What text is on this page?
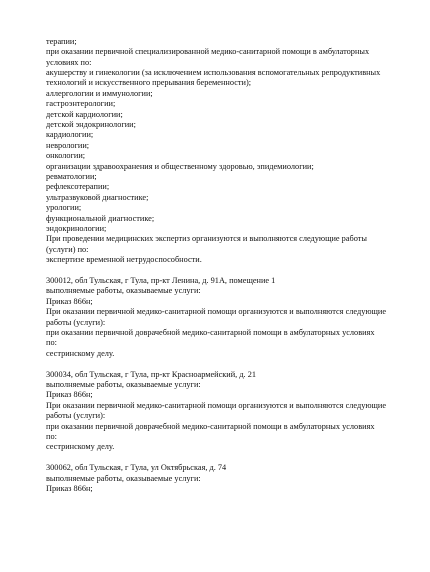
терапии;
при оказании первичной специализированной медико-санитарной помощи в амбулаторных
условиях по:
акушерству и гинекологии (за исключением использования вспомогательных репродуктивных
технологий и искусственного прерывания беременности);
аллергологии и иммунологии;
гастроэнтерологии;
детской кардиологии;
детской эндокринологии;
кардиологии;
неврологии;
онкологии;
организации здравоохранения и общественному здоровью, эпидемиологии;
ревматологии;
рефлексотерапии;
ультразвуковой диагностике;
урологии;
функциональной диагностике;
эндокринологии;
При проведении медицинских экспертиз организуются и выполняются следующие работы
(услуги) по:
экспертизе временной нетрудоспособности.
300012, обл Тульская, г Тула, пр-кт Ленина, д. 91А, помещение 1
выполняемые работы, оказываемые услуги:
Приказ 866н;
При оказании первичной медико-санитарной помощи организуются и выполняются следующие
работы (услуги):
при оказании первичной доврачебной медико-санитарной помощи в амбулаторных условиях
по:
сестринскому делу.
300034, обл Тульская, г Тула, пр-кт Красноармейский, д. 21
выполняемые работы, оказываемые услуги:
Приказ 866н;
При оказании первичной медико-санитарной помощи организуются и выполняются следующие
работы (услуги):
при оказании первичной доврачебной медико-санитарной помощи в амбулаторных условиях
по:
сестринскому делу.
300062, обл Тульская, г Тула, ул Октябрьская, д. 74
выполняемые работы, оказываемые услуги:
Приказ 866н;
